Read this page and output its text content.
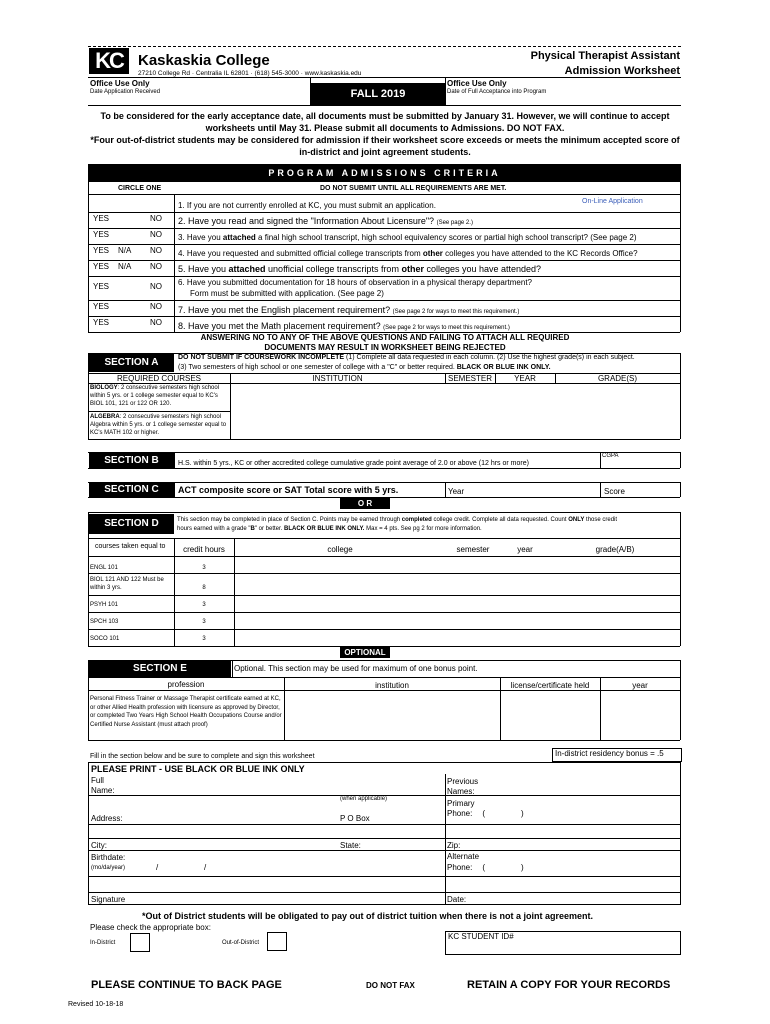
KC	Kaskaskia College
27210 College Rd · Centralia IL 62801 · (618) 545-3000 · www.kaskaskia.edu
Physical Therapist Assistant
Admission Worksheet
Office Use Only
Date Application Received	FALL 2019
Office Use Only
Date of Full Acceptance into Program
To be considered for the early acceptance date, all documents must be submitted by January 31. However, we will continue to accept
worksheets until May 31. Please submit all documents to Admissions. DO NOT FAX.
*Four out-of-district students may be considered for admission if their worksheet score exceeds or meets the minimum accepted score of
in-district and joint agreement students.
PROGRAM ADMISSIONS CRITERIA
CIRCLE ONE	DO NOT SUBMIT UNTIL ALL REQUIREMENTS ARE MET.
On-Line Application
1. If you are not currently enrolled at KC, you must submit an application.
YES	NO 2. Have you read and signed the "Information About Licensure"? (See page 2.)
YES	NO 3. Have you attached a final high school transcript, high school equivalency scores or partial high school transcript? (See page 2)
YES N/A NO 4. Have you requested and submitted official college transcripts from other colleges you have attended to the KC Records Office?
YES N/A NO 5. Have you attached unofficial college transcripts from other colleges you have attended?
YES	NO 6. Have you submitted documentation for 18 hours of observation in a physical therapy department?
Form must be submitted with application. (See page 2)
YES	NO 7. Have you met the English placement requirement? (See page 2 for ways to meet this requirement.)
YES	NO 8. Have you met the Math placement requirement? (See page 2 for ways to meet this requirement.)
ANSWERING NO TO ANY OF THE ABOVE QUESTIONS AND FAILING TO ATTACH ALL REQUIRED
DOCUMENTS MAY RESULT IN WORKSHEET BEING REJECTED
SECTION A	DO NOT SUBMIT IF COURSEWORK INCOMPLETE (1) Complete all data requested in each column. (2) Use the highest grade(s) in each subject.
(3) Two semesters of high school or one semester of college with a "C" or better required. BLACK OR BLUE INK ONLY.
REQUIRED COURSES	INSTITUTION	SEMESTER	YEAR	GRADE(S)
BIOLOGY: 2 consecutive semesters high school within 5 yrs. or 1 college semester equal to KC's BIOL 101, 121 or 122 OR 120.
ALGEBRA: 2 consecutive semesters high school Algebra within 5 yrs. or 1 college semester equal to KC's MATH 102 or higher.
SECTION B	H.S. within 5 yrs., KC or other accredited college cumulative grade point average of 2.0 or above (12 hrs or more)
CGPA
SECTION C	ACT composite score or SAT Total score with 5 yrs.	Year	Score
O R
SECTION D	This section may be completed in place of Section C. Points may be earned through completed college credit. Complete all data requested. Count ONLY those credit
hours earned with a grade "B" or better. BLACK OR BLUE INK ONLY. Max = 4 pts. See pg 2 for more information.
courses taken equal to	credit hours	college	semester	year	grade(A/B)
ENGL 101	3
BIOL 121 AND 122 Must be within 3 yrs.	8
PSYH 101	3
SPCH 103	3
SOCO 101	3
OPTIONAL
SECTION E	Optional. This section may be used for maximum of one bonus point.
profession	institution	license/certificate held	year
Personal Fitness Trainer or Massage Therapist certificate earned at KC, or other Allied Health profession with licensure as approved by Director, or completed Two Years High School Health Occupations Course and/or Certified Nurse Assistant (must attach proof)
Fill in the section below and be sure to complete and sign this worksheet	In-district residency bonus = .5
PLEASE PRINT - USE BLACK OR BLUE INK ONLY
Full
Name:
Previous
Names:
(when applicable)	Primary
Address:	P O Box
Phone: (	)
City:	State:	Zip:
Birthdate:
(mo/da/year)	/	/
Alternate
Phone: (	)
Signature	Date:
*Out of District students will be obligated to pay out of district tuition when there is not a joint agreement.
Please check the appropriate box:
In-District	Out-of-District
KC STUDENT ID#
PLEASE CONTINUE TO BACK PAGE	DO NOT FAX	RETAIN A COPY FOR YOUR RECORDS
Revised 10-18-18
